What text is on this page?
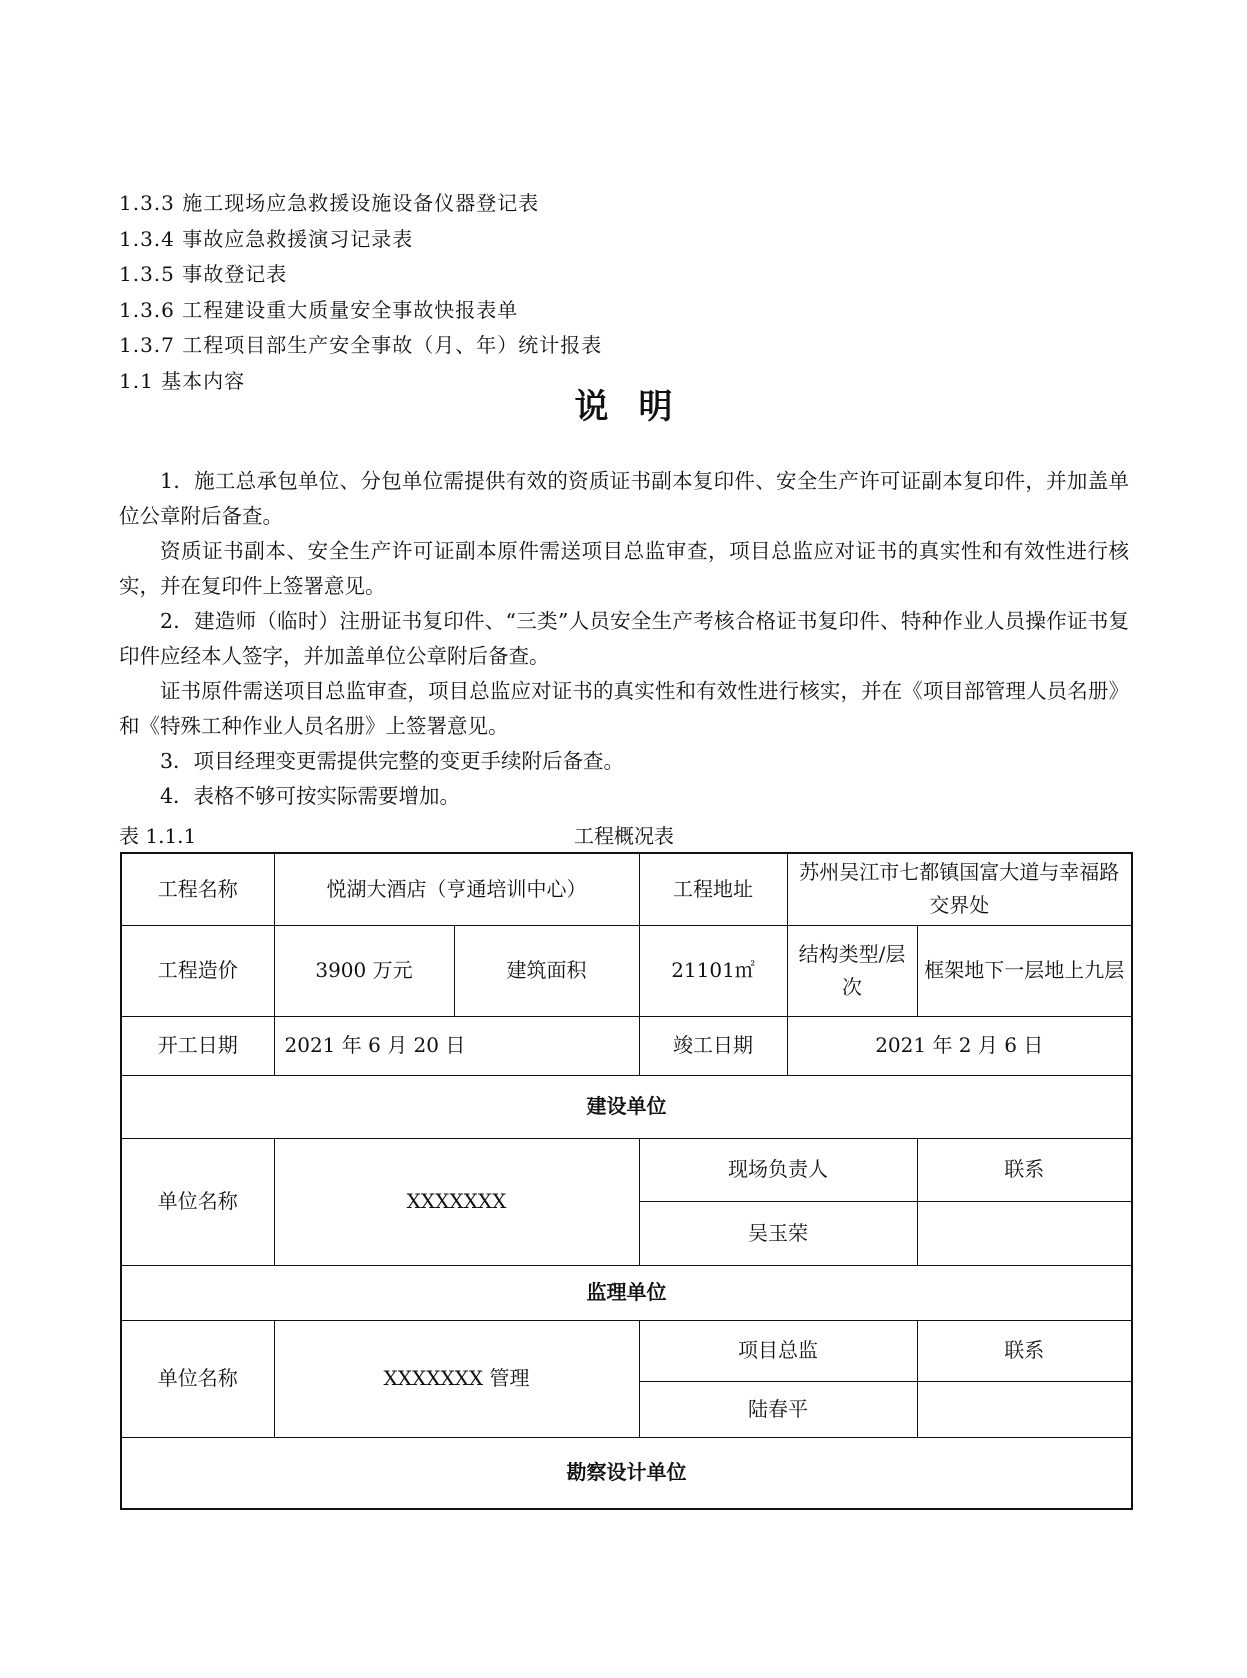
1.3.3 施工现场应急救援设施设备仪器登记表
1.3.4 事故应急救援演习记录表
1.3.5 事故登记表
1.3.6 工程建设重大质量安全事故快报表单
1.3.7 工程项目部生产安全事故（月、年）统计报表
1.1 基本内容
说明

1．施工总承包单位、分包单位需提供有效的资质证书副本复印件、安全生产许可证副本复印件，并加盖单位公章附后备查。

资质证书副本、安全生产许可证副本原件需送项目总监审查，项目总监应对证书的真实性和有效性进行核实，并在复印件上签署意见。

2．建造师（临时）注册证书复印件、“三类”人员安全生产考核合格证书复印件、特种作业人员操作证书复印件应经本人签字，并加盖单位公章附后备查。

证书原件需送项目总监审查，项目总监应对证书的真实性和有效性进行核实，并在《项目部管理人员名册》和《特殊工种作业人员名册》上签署意见。

3．项目经理变更需提供完整的变更手续附后备查。

4．表格不够可按实际需要增加。

表 1.1.1	工程概况表
工程名称	悦湖大酒店（亨通培训中心）		工程地址	苏州吴江市七都镇国富大道与幸福路交界处	
工程造价	3900 万元	建筑面积	21101㎡	结构类型/层次	框架地下一层地上九层
开工日期	2021 年 6 月 20 日		竣工日期	2021 年 2 月 6 日	
建设单位					
单位名称	XXXXXXX		现场负责人		联系
			吴玉荣		
监理单位					
单位名称	XXXXXXX 管理		项目总监		联系
			陆春平		
勘察设计单位					
